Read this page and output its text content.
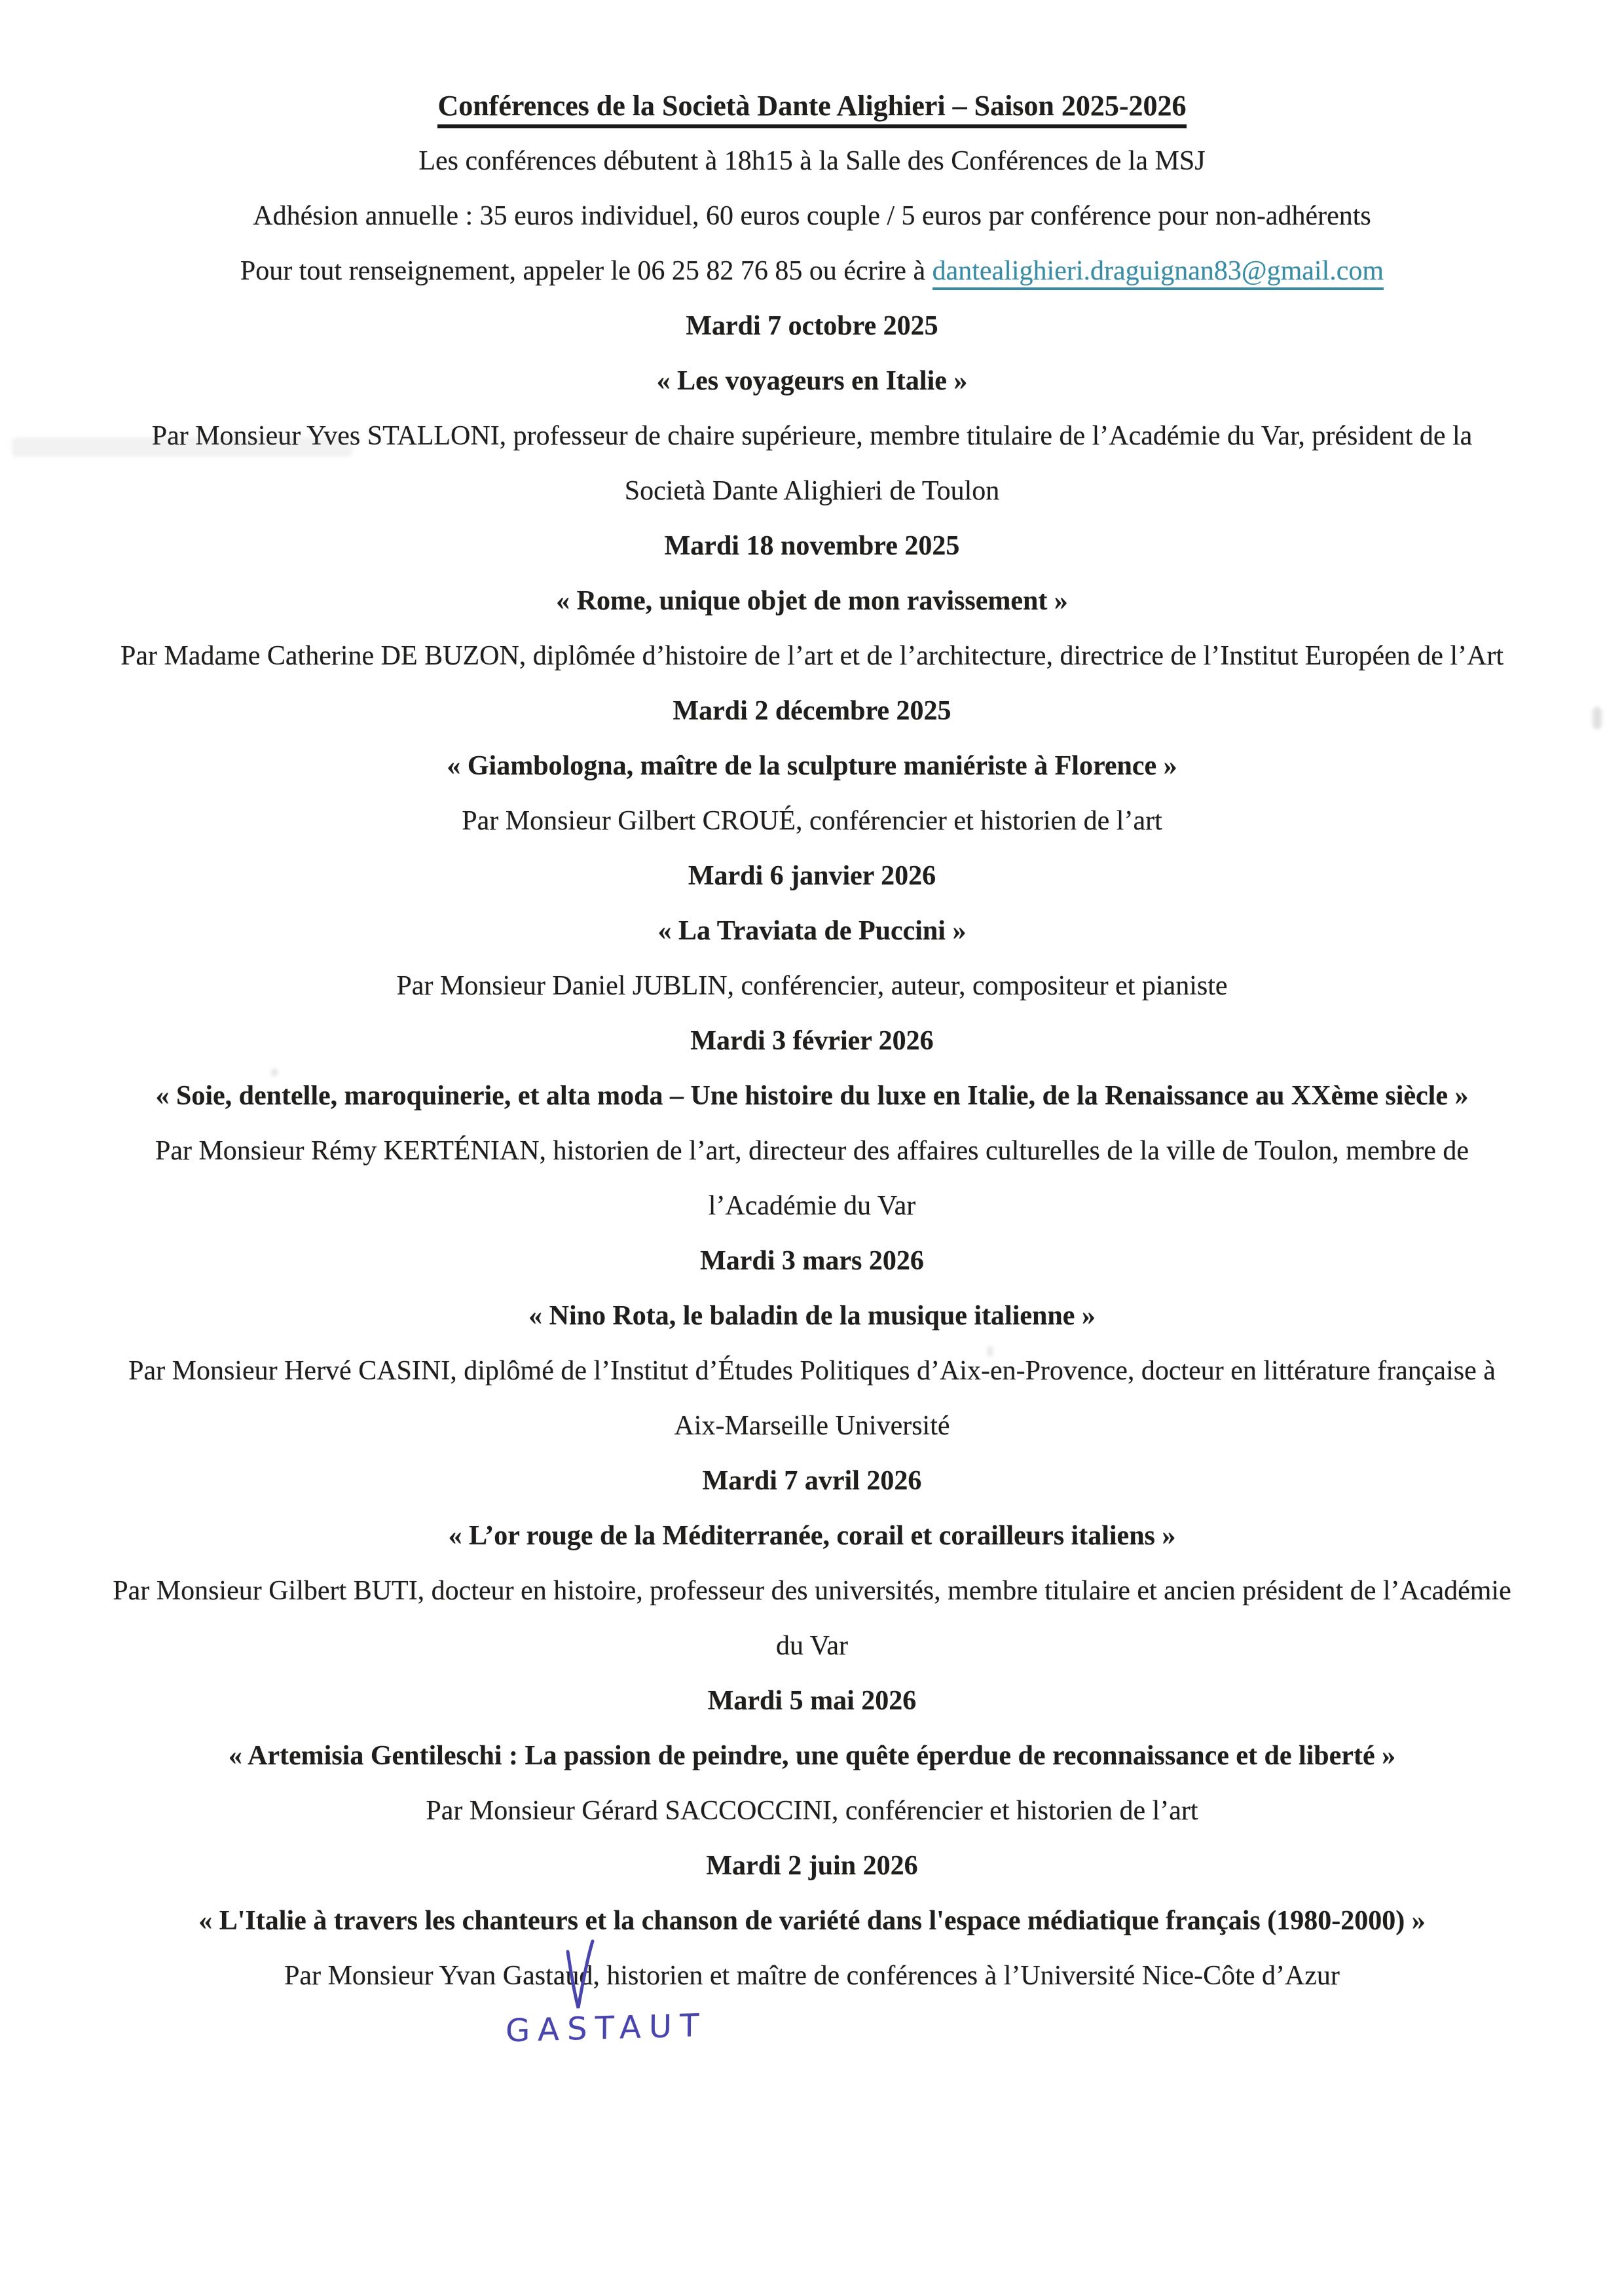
Conférences de la Società Dante Alighieri – Saison 2025-2026

Les conférences débutent à 18h15 à la Salle des Conférences de la MSJ

Adhésion annuelle : 35 euros individuel, 60 euros couple / 5 euros par conférence pour non-adhérents

Pour tout renseignement, appeler le 06 25 82 76 85 ou écrire à dantealighieri.draguignan83@gmail.com

Mardi 7 octobre 2025

« Les voyageurs en Italie »

Par Monsieur Yves STALLONI, professeur de chaire supérieure, membre titulaire de l’Académie du Var, président de la Società Dante Alighieri de Toulon

Mardi 18 novembre 2025

« Rome, unique objet de mon ravissement »

Par Madame Catherine DE BUZON, diplômée d’histoire de l’art et de l’architecture, directrice de l’Institut Européen de l’Art

Mardi 2 décembre 2025

« Giambologna, maître de la sculpture maniériste à Florence »

Par Monsieur Gilbert CROUÉ, conférencier et historien de l’art

Mardi 6 janvier 2026

« La Traviata de Puccini »

Par Monsieur Daniel JUBLIN, conférencier, auteur, compositeur et pianiste

Mardi 3 février 2026

« Soie, dentelle, maroquinerie, et alta moda – Une histoire du luxe en Italie, de la Renaissance au XXème siècle »

Par Monsieur Rémy KERTÉNIAN, historien de l’art, directeur des affaires culturelles de la ville de Toulon, membre de l’Académie du Var

Mardi 3 mars 2026

« Nino Rota, le baladin de la musique italienne »

Par Monsieur Hervé CASINI, diplômé de l’Institut d’Études Politiques d’Aix-en-Provence, docteur en littérature française à Aix-Marseille Université

Mardi 7 avril 2026

« L’or rouge de la Méditerranée, corail et corailleurs italiens »

Par Monsieur Gilbert BUTI, docteur en histoire, professeur des universités, membre titulaire et ancien président de l’Académie du Var

Mardi 5 mai 2026

« Artemisia Gentileschi : La passion de peindre, une quête éperdue de reconnaissance et de liberté »

Par Monsieur Gérard SACCOCCINI, conférencier et historien de l’art

Mardi 2 juin 2026

« L'Italie à travers les chanteurs et la chanson de variété dans l'espace médiatique français (1980-2000) »

Par Monsieur Yvan Gastaud
, historien et maître de conférences à l’Université Nice-Côte d’Azur

GASTAUT
